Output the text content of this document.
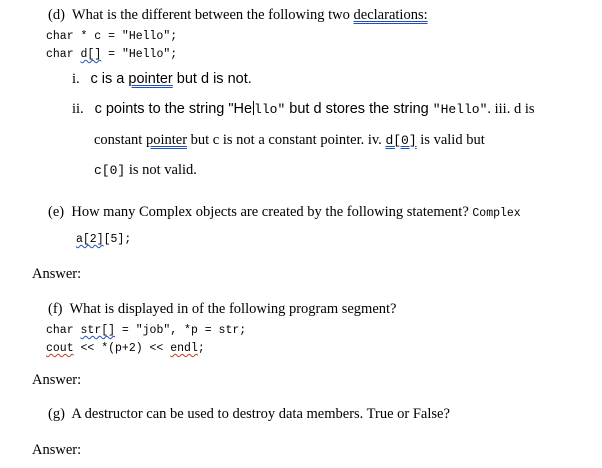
(d) What is the different between the following two declarations:
char * c = "Hello";
char d[] = "Hello";
i. c is a pointer but d is not.
ii. c points to the string "He llo" but d stores the string "Hello". iii. d is
constant pointer but c is not a constant pointer. iv. d[0] is valid but
c[0] is not valid.
(e) How many Complex objects are created by the following statement? Complex
a[2][5];
Answer:
(f) What is displayed in of the following program segment?
char str[] = "job", *p = str;
cout << *(p+2) << endl;
Answer:
(g) A destructor can be used to destroy data members. True or False?
Answer:
